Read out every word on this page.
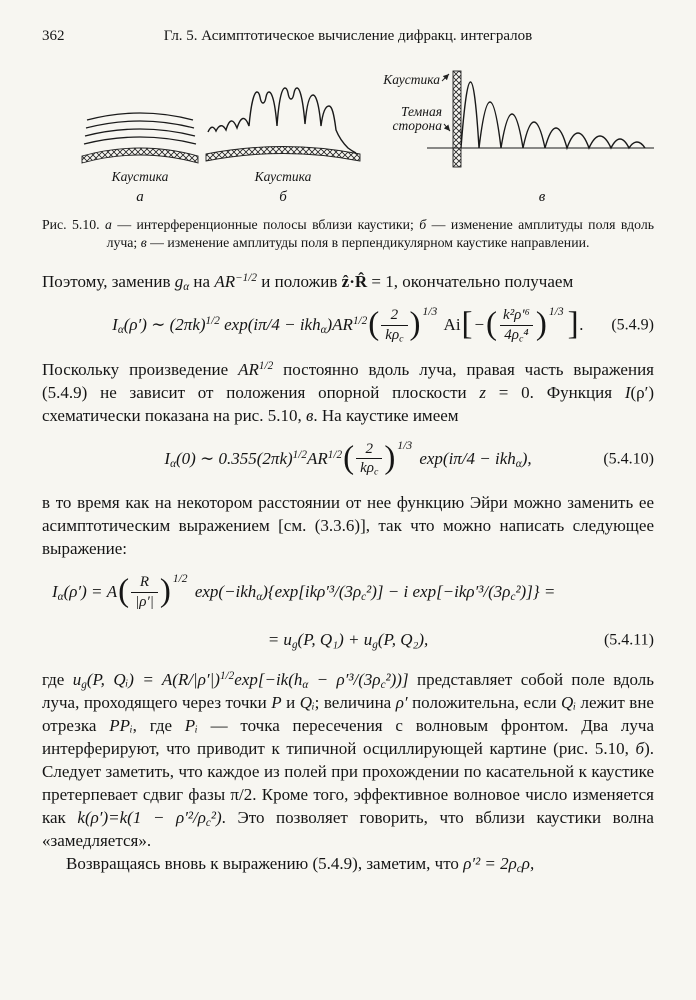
362	Гл. 5. Асимптотическое вычисление дифракц. интегралов
Каустика
а
Каустика
б
Каустика
Темная
сторона
в

Рис. 5.10. а — интерференционные полосы вблизи каустики; б — изменение амплитуды поля вдоль луча; в — изменение амплитуды поля в перпендикулярном каустике направлении.

Поэтому, заменив $g_\alpha$ на $AR^{-1/2}$ и положив ẑ·R̂ = 1, окончательно получаем

$I_\alpha(\rho')$ ∼ $(2\pi k)^{1/2}$ $\exp(i\pi/4 - ikh_\alpha)AR^{1/2}$ ( $\frac{2}{k\rho_c}$ ) 1/3
Ai [ − ( $\frac{\text{k²ρ′⁶}}{4\rho_c^4}$ ) 1/3 ] . (5.4.9)

Поскольку произведение $AR^{1/2}$ постоянно вдоль луча, правая часть выражения (5.4.9) не зависит от положения опорной плоскости z = 0. Функция I(ρ′) схематически показана на рис. 5.10, в. На каустике имеем

$I_\alpha(0)$ ∼ $0.355(2\pi k)^{1/2}AR^{1/2}$ ( $\frac{2}{k\rho_c}$ ) 1/3
exp(iπ/4 − ikh$_\alpha$),	(5.4.10)

в то время как на некотором расстоянии от нее функцию Эйри можно заменить ее асимптотическим выражением [см. (3.3.6)], так что можно написать следующее выражение:

$I_\alpha(\rho') = A$ ( $\frac{R}{|\rho'|}$ ) 1/2
$\exp(-ikh_\alpha)\{\exp[ik\rho'^3/(3\rho_c^2)] - i$ $\exp[-ik\rho'^3/(3\rho_c^2)]$} =
= $u_g(P$, $Q_1) + u_g(P$, Q₂),	(5.4.11)

где $u_g(P$, Qᵢ) = $A(R/|\rho'|)^{1/2}\exp[-ik(h_\alpha - \rho'^3/(3\rho_c^2))]$ представляет собой поле вдоль луча, проходящего через точки P и Qᵢ; величина ρ′ положительна, если Qᵢ лежит вне отрезка PPᵢ, где Pᵢ — точка пересечения с волновым фронтом. Два луча интерферируют, что приводит к типичной осциллирующей картине (рис. 5.10, б). Следует заметить, что каждое из полей при прохождении по касательной к каустике претерпевает сдвиг фазы π/2. Кроме того, эффективное волновое число изменяется как $k(\rho')=k(1 - \rho'^2/\rho_c^2)$. Это позволяет говорить, что вблизи каустики волна «замедляется».

Возвращаясь вновь к выражению (5.4.9), заметим, что $\rho'^2 = 2\rho_c\rho$,
